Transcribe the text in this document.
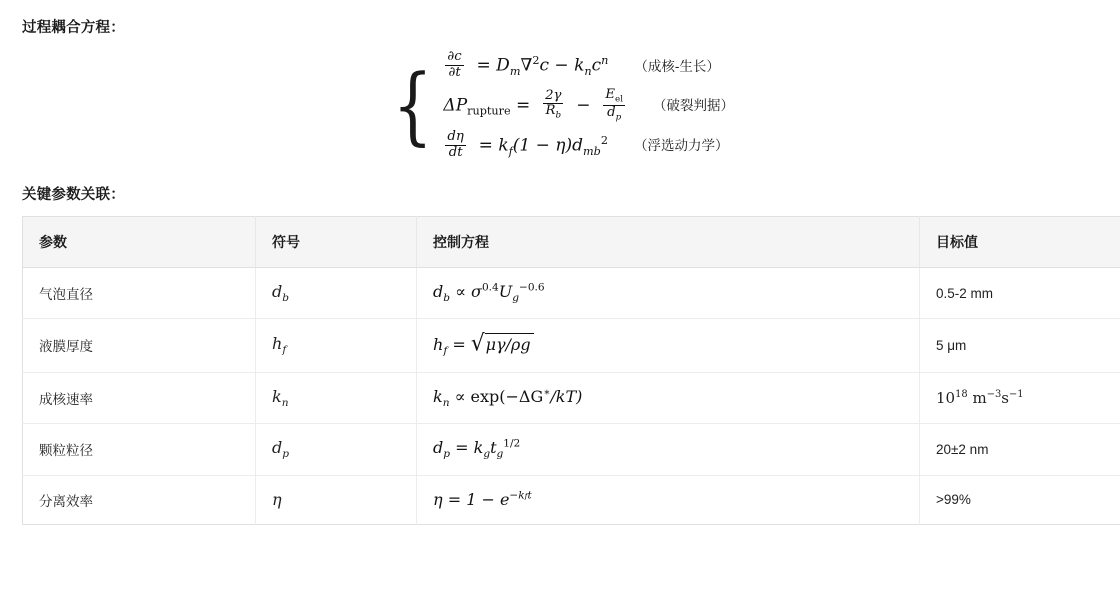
过程耦合方程：
{ $\frac{\partial c}{\partial t} = D_m\nabla^2c - k_nc^n$ （成核-生长）
$\Delta P_{rupture} = \frac{2\gamma}{R_b} - \frac{E_{el}}{d_p}$ （破裂判据）
$\frac{d\eta}{dt} = k_f(1 - \eta)d_{mb}^2$ （浮选动力学）
关键参数关联：
参数	符号	控制方程	目标值
气泡直径	$d_b$	$d_b \propto \sigma^{0.4}U_g^{-0.6}$	0.5-2 mm
液膜厚度	$h_f$	$h_f$ = √ μγ/ρg	5 μm
成核速率	$k_n$	$k_n \propto \exp(-\Delta G^∗/kT)$	$10^{18}$ $m^{-3}s^{-1}$
颗粒粒径	$d_p$	$d_p = k_gt_g^{1/2}$	20±2 nm
分离效率	η	$\eta = 1 - e^{-kft}$	>99%
